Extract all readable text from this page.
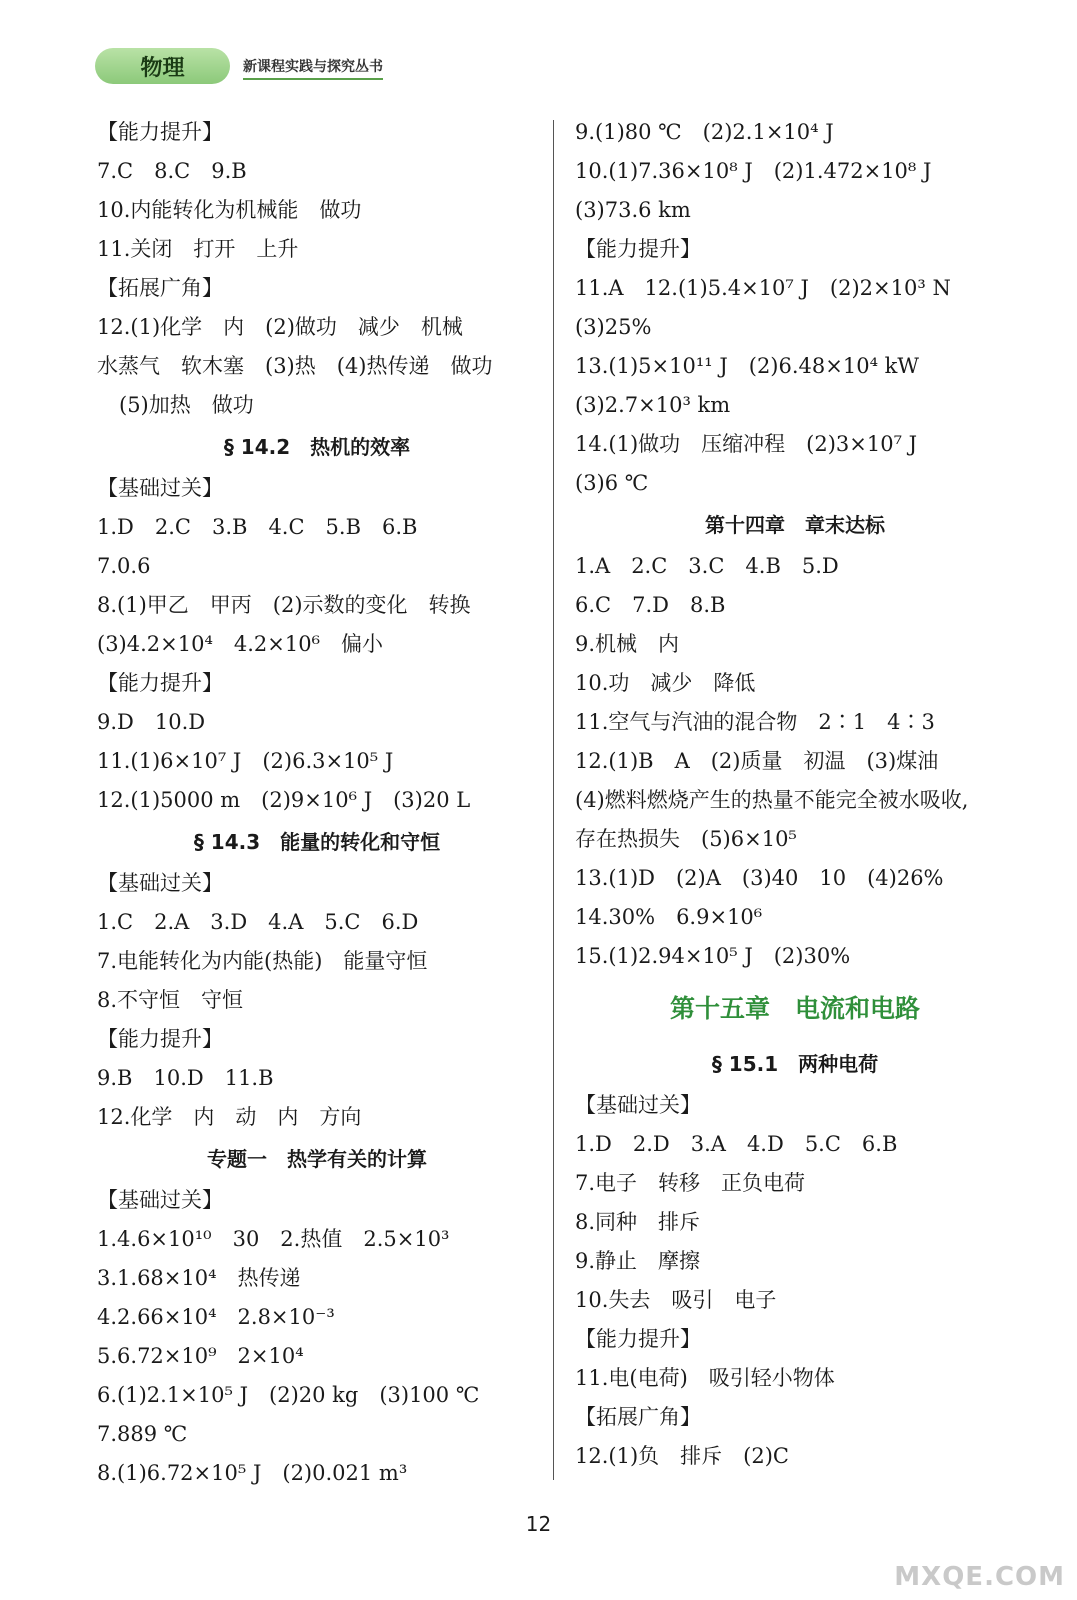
物理	新课程实践与探究丛书
【能力提升】
7.C　8.C　9.B
10.内能转化为机械能　做功
11.关闭　打开　上升
【拓展广角】
12.(1)化学　内　(2)做功　减少　机械
水蒸气　软木塞　(3)热　(4)热传递　做功
(5)加热　做功
§ 14.2　热机的效率
【基础过关】
1.D　2.C　3.B　4.C　5.B　6.B
7.0.6
8.(1)甲乙　甲丙　(2)示数的变化　转换
(3)4.2×10⁴　4.2×10⁶　偏小
【能力提升】
9.D　10.D
11.(1)6×10⁷ J　(2)6.3×10⁵ J
12.(1)5000 m　(2)9×10⁶ J　(3)20 L
§ 14.3　能量的转化和守恒
【基础过关】
1.C　2.A　3.D　4.A　5.C　6.D
7.电能转化为内能(热能)　能量守恒
8.不守恒　守恒
【能力提升】
9.B　10.D　11.B
12.化学　内　动　内　方向
专题一　热学有关的计算
【基础过关】
1.4.6×10¹⁰　30　2.热值　2.5×10³
3.1.68×10⁴　热传递
4.2.66×10⁴　2.8×10⁻³
5.6.72×10⁹　2×10⁴
6.(1)2.1×10⁵ J　(2)20 kg　(3)100 ℃
7.889 ℃
8.(1)6.72×10⁵ J　(2)0.021 m³
9.(1)80 ℃　(2)2.1×10⁴ J
10.(1)7.36×10⁸ J　(2)1.472×10⁸ J
(3)73.6 km
【能力提升】
11.A　12.(1)5.4×10⁷ J　(2)2×10³ N
(3)25%
13.(1)5×10¹¹ J　(2)6.48×10⁴ kW
(3)2.7×10³ km
14.(1)做功　压缩冲程　(2)3×10⁷ J
(3)6 ℃
第十四章　章末达标
1.A　2.C　3.C　4.B　5.D
6.C　7.D　8.B
9.机械　内
10.功　减少　降低
11.空气与汽油的混合物　2∶1　4∶3
12.(1)B　A　(2)质量　初温　(3)煤油
(4)燃料燃烧产生的热量不能完全被水吸收,
存在热损失　(5)6×10⁵
13.(1)D　(2)A　(3)40　10　(4)26%
14.30%　6.9×10⁶
15.(1)2.94×10⁵ J　(2)30%
第十五章　电流和电路
§ 15.1　两种电荷
【基础过关】
1.D　2.D　3.A　4.D　5.C　6.B
7.电子　转移　正负电荷
8.同种　排斥
9.静止　摩擦
10.失去　吸引　电子
【能力提升】
11.电(电荷)　吸引轻小物体
【拓展广角】
12.(1)负　排斥　(2)C
12
MXQE.COM
